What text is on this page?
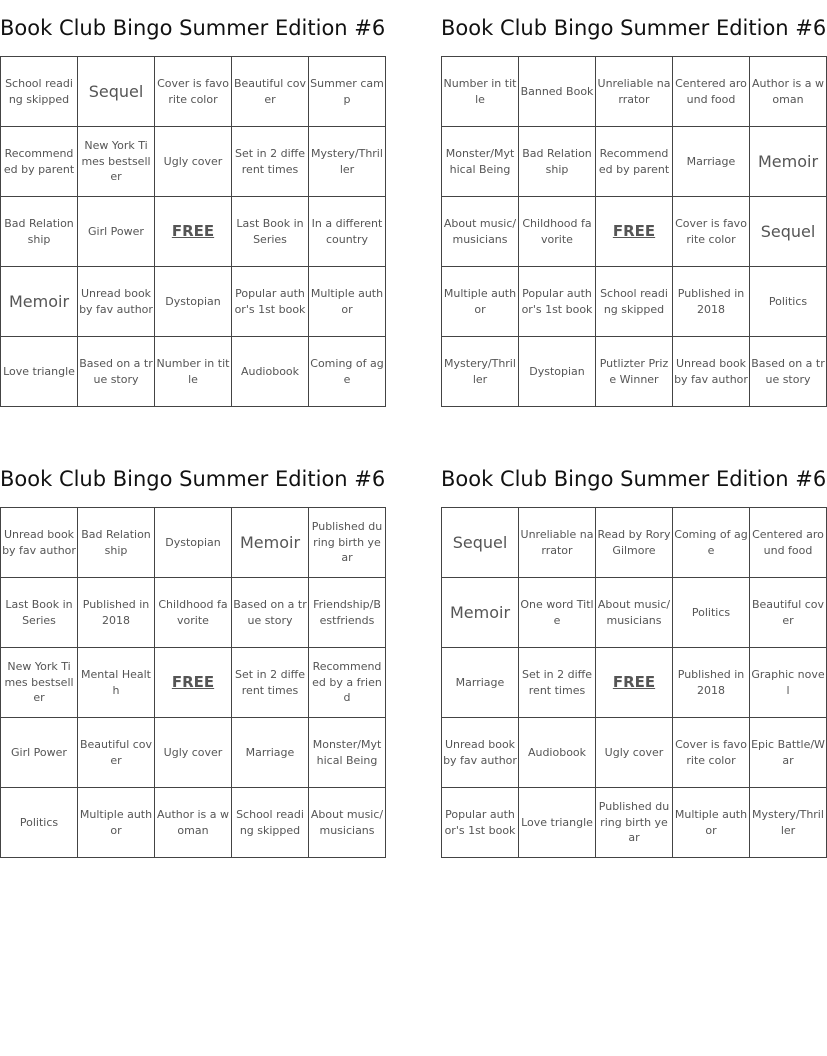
Book Club Bingo Summer Edition #6
School reading skipped	Sequel	Cover is favorite color	Beautiful cover	Summer camp
Recommended by parent	New York Times bestseller	Ugly cover	Set in 2 different times	Mystery/Thriller
Bad Relationship	Girl Power	FREE	Last Book in Series	In a different country
Memoir	Unread book by fav author	Dystopian	Popular author's 1st book	Multiple author
Love triangle	Based on a true story	Number in title	Audiobook	Coming of age
Book Club Bingo Summer Edition #6
Number in title	Banned Book	Unreliable narrator	Centered around food	Author is a woman
Monster/Mythical Being	Bad Relationship	Recommended by parent	Marriage	Memoir
About music/musicians	Childhood favorite	FREE	Cover is favorite color	Sequel
Multiple author	Popular author's 1st book	School reading skipped	Published in 2018	Politics
Mystery/Thriller	Dystopian	Putlizter Prize Winner	Unread book by fav author	Based on a true story
Book Club Bingo Summer Edition #6
Unread book by fav author	Bad Relationship	Dystopian	Memoir	Published during birth year
Last Book in Series	Published in 2018	Childhood favorite	Based on a true story	Friendship/Bestfriends
New York Times bestseller	Mental Health	FREE	Set in 2 different times	Recommended by a friend
Girl Power	Beautiful cover	Ugly cover	Marriage	Monster/Mythical Being
Politics	Multiple author	Author is a woman	School reading skipped	About music/musicians
Book Club Bingo Summer Edition #6
Sequel	Unreliable narrator	Read by Rory Gilmore	Coming of age	Centered around food
Memoir	One word Title	About music/musicians	Politics	Beautiful cover
Marriage	Set in 2 different times	FREE	Published in 2018	Graphic novel
Unread book by fav author	Audiobook	Ugly cover	Cover is favorite color	Epic Battle/War
Popular author's 1st book	Love triangle	Published during birth year	Multiple author	Mystery/Thriller
